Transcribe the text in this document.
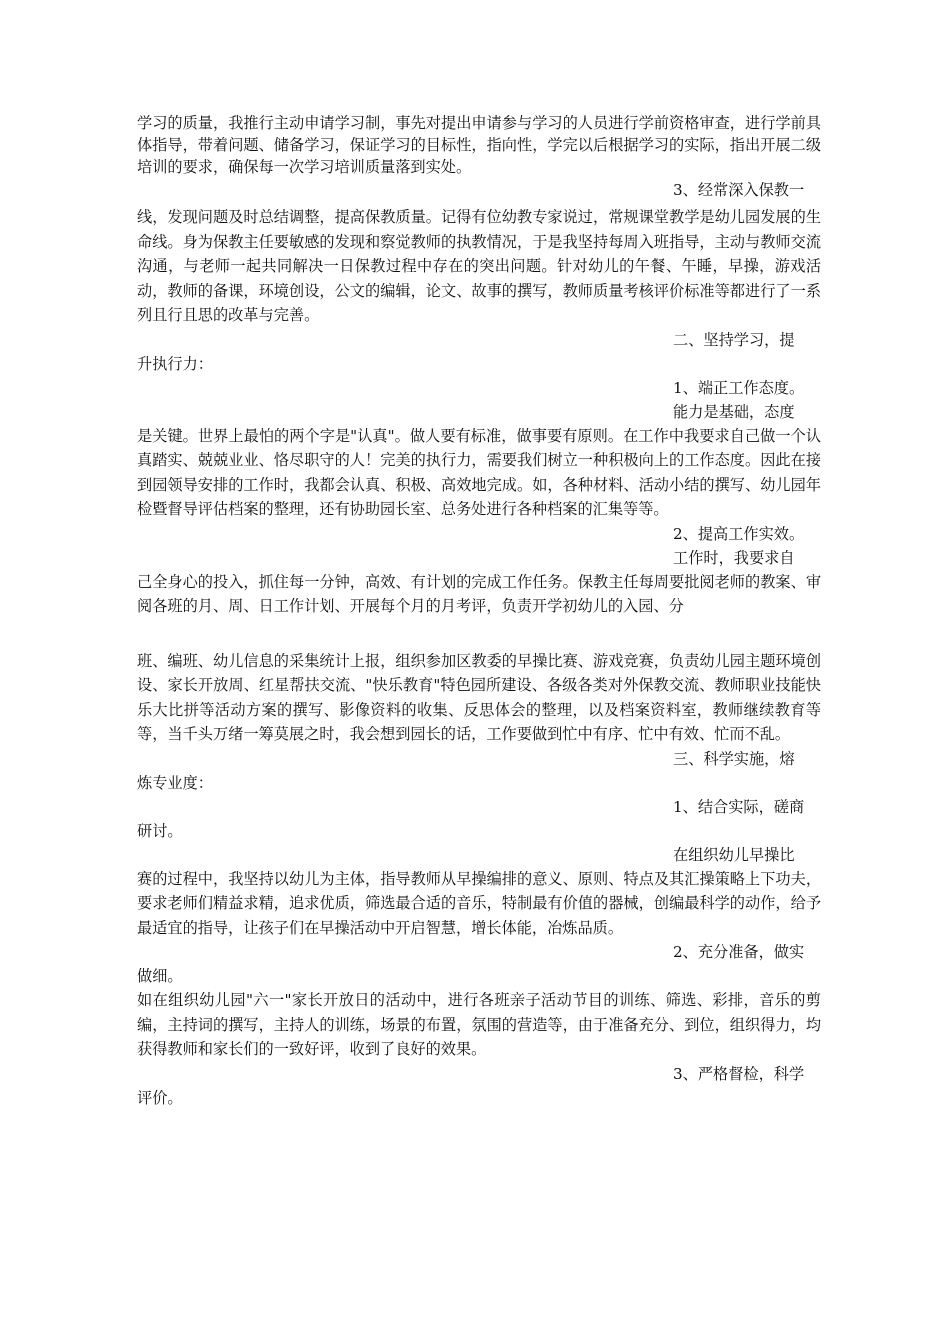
学习的质量，我推行主动申请学习制，事先对提出申请参与学习的人员进行学前资格审查，进行学前具体指导，带着问题、储备学习，保证学习的目标性，指向性，学完以后根据学习的实际，指出开展二级培训的要求，确保每一次学习培训质量落到实处。

3、经常深入保教一

线，发现问题及时总结调整，提高保教质量。记得有位幼教专家说过，常规课堂教学是幼儿园发展的生命线。身为保教主任要敏感的发现和察觉教师的执教情况，于是我坚持每周入班指导，主动与教师交流沟通，与老师一起共同解决一日保教过程中存在的突出问题。针对幼儿的午餐、午睡，早操，游戏活动，教师的备课，环境创设，公文的编辑，论文、故事的撰写，教师质量考核评价标准等都进行了一系列且行且思的改革与完善。

二、坚持学习，提

升执行力：

1、端正工作态度。

能力是基础，态度

是关键。世界上最怕的两个字是"认真"。做人要有标准，做事要有原则。在工作中我要求自己做一个认真踏实、兢兢业业、恪尽职守的人！完美的执行力，需要我们树立一种积极向上的工作态度。因此在接到园领导安排的工作时，我都会认真、积极、高效地完成。如，各种材料、活动小结的撰写、幼儿园年检暨督导评估档案的整理，还有协助园长室、总务处进行各种档案的汇集等等。

2、提高工作实效。

工作时，我要求自

己全身心的投入，抓住每一分钟，高效、有计划的完成工作任务。保教主任每周要批阅老师的教案、审阅各班的月、周、日工作计划、开展每个月的月考评，负责开学初幼儿的入园、分

班、编班、幼儿信息的采集统计上报，组织参加区教委的早操比赛、游戏竞赛，负责幼儿园主题环境创设、家长开放周、红星帮扶交流、"快乐教育"特色园所建设、各级各类对外保教交流、教师职业技能快乐大比拼等活动方案的撰写、影像资料的收集、反思体会的整理，以及档案资料室，教师继续教育等等，当千头万绪一筹莫展之时，我会想到园长的话，工作要做到忙中有序、忙中有效、忙而不乱。

三、科学实施，熔

炼专业度：

1、结合实际，磋商

研讨。

在组织幼儿早操比

赛的过程中，我坚持以幼儿为主体，指导教师从早操编排的意义、原则、特点及其汇操策略上下功夫，要求老师们精益求精，追求优质，筛选最合适的音乐，特制最有价值的器械，创编最科学的动作，给予最适宜的指导，让孩子们在早操活动中开启智慧，增长体能，冶炼品质。

2、充分准备，做实

做细。

如在组织幼儿园"六一"家长开放日的活动中，进行各班亲子活动节目的训练、筛选、彩排，音乐的剪编，主持词的撰写，主持人的训练，场景的布置，氛围的营造等，由于准备充分、到位，组织得力，均获得教师和家长们的一致好评，收到了良好的效果。

3、严格督检，科学

评价。
